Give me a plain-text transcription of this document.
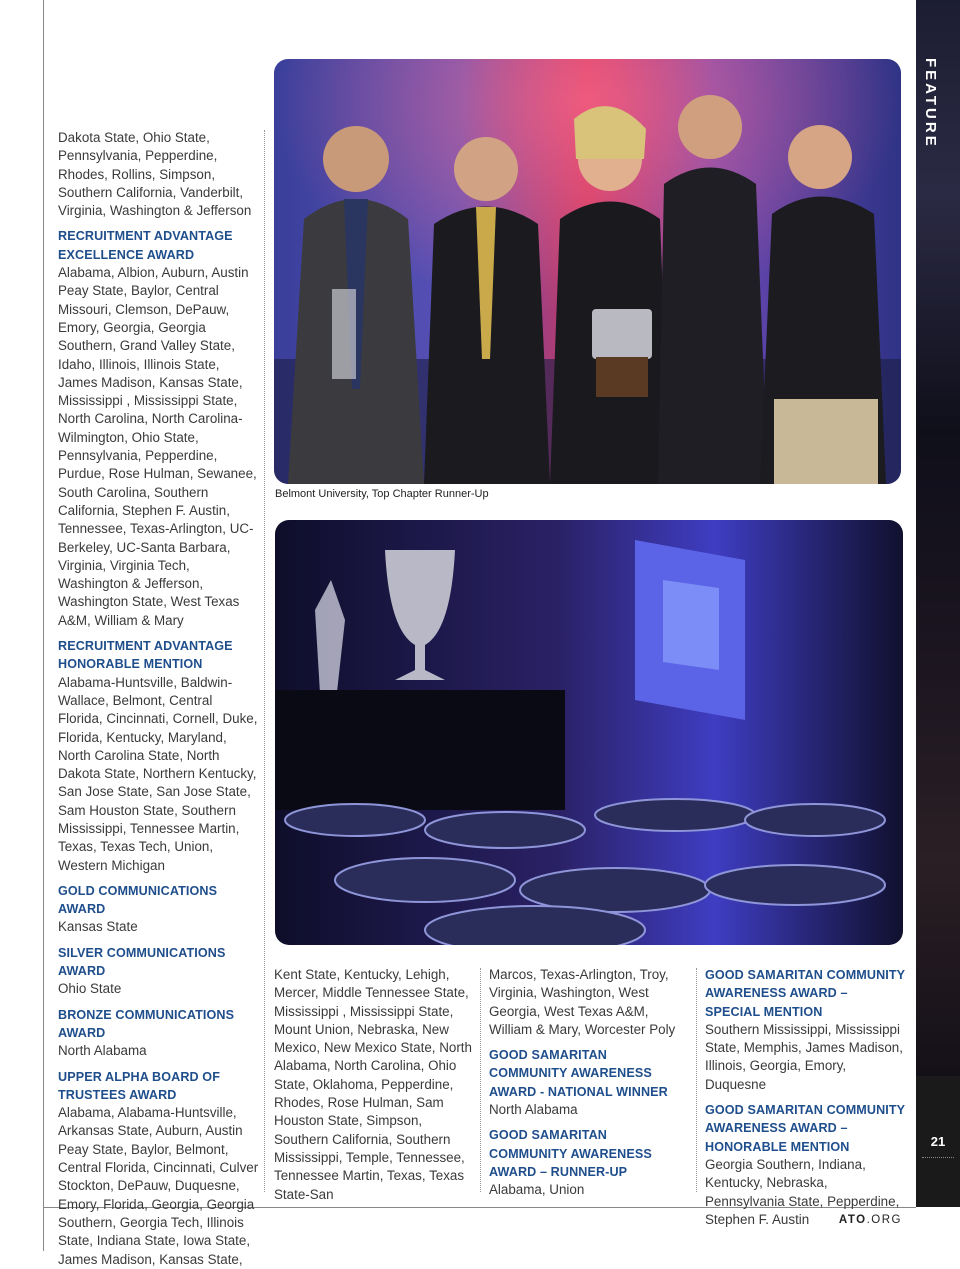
Belmont University, Top Chapter Runner-Up

Dakota State, Ohio State, Pennsylvania, Pepperdine, Rhodes, Rollins, Simpson, Southern California, Vanderbilt, Virginia, Washington & Jefferson

RECRUITMENT ADVANTAGE EXCELLENCE AWARD

Alabama, Albion, Auburn, Austin Peay State, Baylor, Central Missouri, Clemson, DePauw, Emory, Georgia, Georgia Southern, Grand Valley State, Idaho, Illinois, Illinois State, James Madison, Kansas State, Mississippi , Mississippi State, North Carolina, North Carolina-Wilmington, Ohio State, Pennsylvania, Pepperdine, Purdue, Rose Hulman, Sewanee, South Carolina, Southern California, Stephen F. Austin, Tennessee, Texas-Arlington, UC-Berkeley, UC-Santa Barbara, Virginia, Virginia Tech, Washington & Jefferson, Washington State, West Texas A&M, William & Mary

RECRUITMENT ADVANTAGE HONORABLE MENTION

Alabama-Huntsville, Baldwin-Wallace, Belmont, Central Florida, Cincinnati, Cornell, Duke, Florida, Kentucky, Maryland, North Carolina State, North Dakota State, Northern Kentucky, San Jose State, San Jose State, Sam Houston State, Southern Mississippi, Tennessee Martin, Texas, Texas Tech, Union, Western Michigan

GOLD COMMUNICATIONS AWARD

Kansas State

SILVER COMMUNICATIONS AWARD

Ohio State

BRONZE COMMUNICATIONS AWARD

North Alabama

UPPER ALPHA BOARD OF TRUSTEES AWARD

Alabama, Alabama-Huntsville, Arkansas State, Auburn, Austin Peay State, Baylor, Belmont, Central Florida, Cincinnati, Culver Stockton, DePauw, Duquesne, Emory, Florida, Georgia, Georgia Southern, Georgia Tech, Illinois State, Indiana State, Iowa State, James Madison, Kansas State,

Kent State, Kentucky, Lehigh, Mercer, Middle Tennessee State, Mississippi , Mississippi State, Mount Union, Nebraska, New Mexico, New Mexico State, North Alabama, North Carolina, Ohio State, Oklahoma, Pepperdine, Rhodes, Rose Hulman, Sam Houston State, Simpson, Southern California, Southern Mississippi, Temple, Tennessee, Tennessee Martin, Texas, Texas State-San

Marcos, Texas-Arlington, Troy, Virginia, Washington, West Georgia, West Texas A&M, William & Mary, Worcester Poly

GOOD SAMARITAN COMMUNITY AWARENESS AWARD - NATIONAL WINNER

North Alabama

GOOD SAMARITAN COMMUNITY AWARENESS AWARD – RUNNER-UP

Alabama, Union

GOOD SAMARITAN COMMUNITY AWARENESS AWARD – SPECIAL MENTION

Southern Mississippi, Mississippi State, Memphis, James Madison, Illinois, Georgia, Emory, Duquesne

GOOD SAMARITAN COMMUNITY AWARENESS AWARD – HONORABLE MENTION

Georgia Southern, Indiana, Kentucky, Nebraska, Pennsylvania State, Pepperdine, Stephen F. Austin

FEATURE
21
ATO.ORG
